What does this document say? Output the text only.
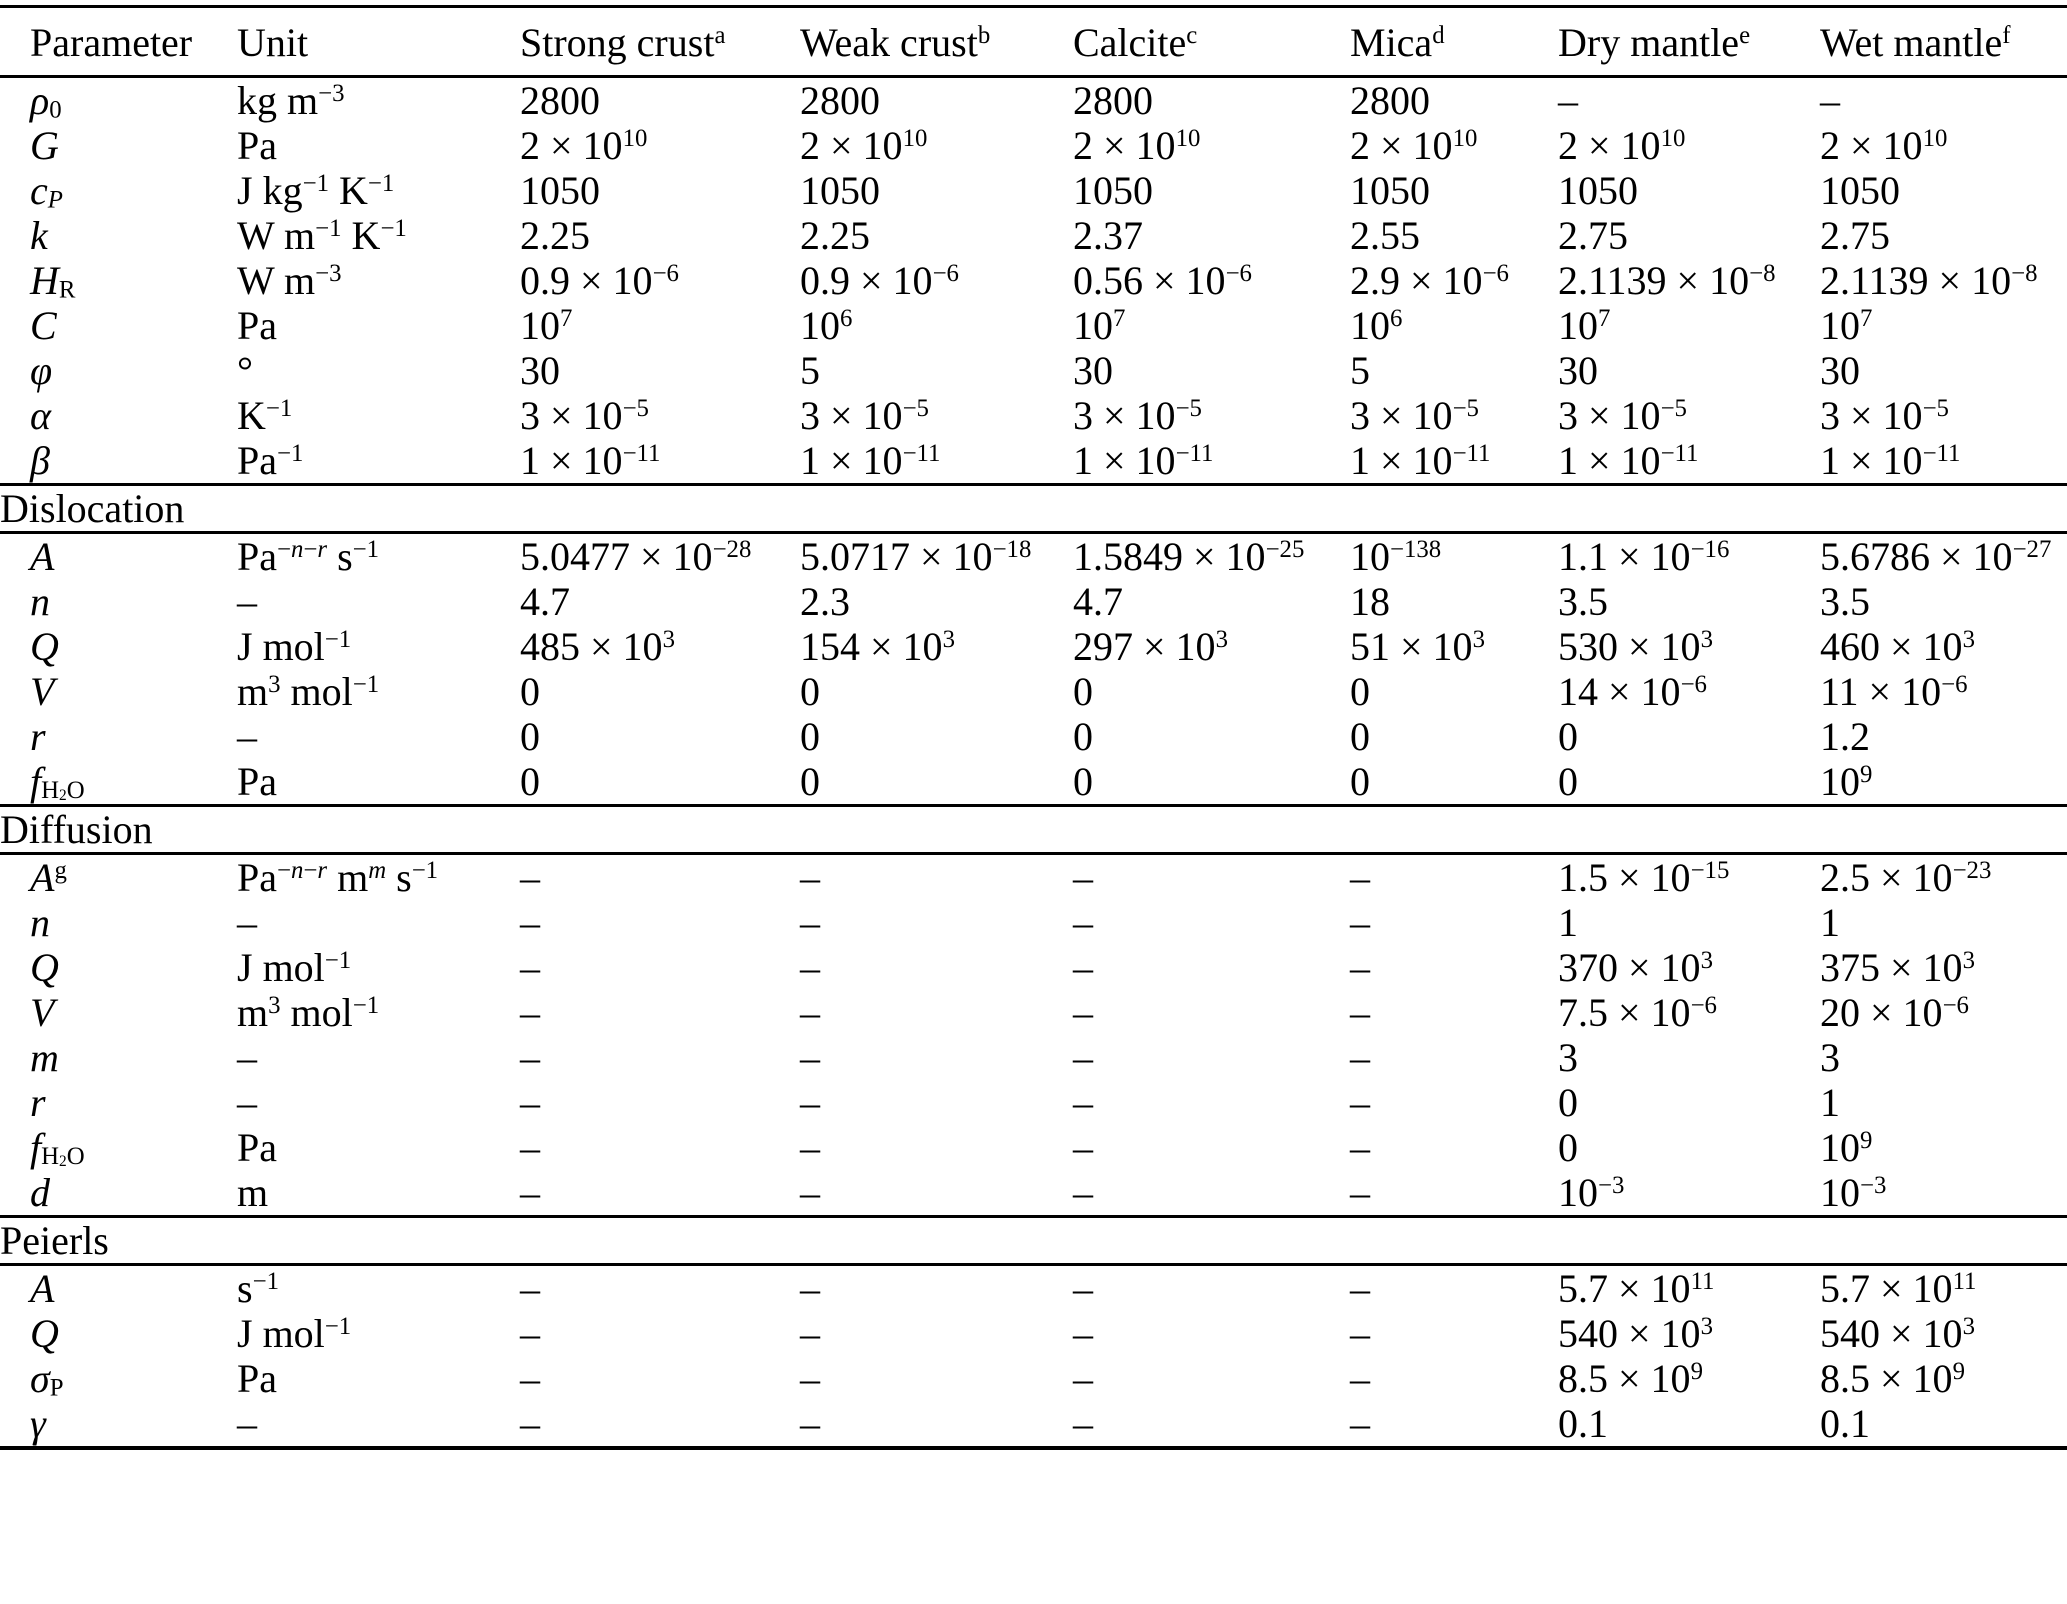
Parameter	Unit	Strong crust$^a$	Weak crust$^b$	Calcite$^c$	Mica$^d$	Dry mantle$^e$	Wet mantle$^f$
$\rho_0$	kg $m^{-3}$	2800	2800	2800	2800	–	–
G	Pa	$2 \times 10^{10}$	$2 \times 10^{10}$	$2 \times 10^{10}$	$2 \times 10^{10}$	$2 \times 10^{10}$	$2 \times 10^{10}$
$c_P$	J $kg^{-1}$ $K^{-1}$	1050	1050	1050	1050	1050	1050
k	W $m^{-1}$ $K^{-1}$	2.25	2.25	2.37	2.55	2.75	2.75
$H_R$	W $m^{-3}$	$0.9 \times 10^{-6}$	$0.9 \times 10^{-6}$	$0.56 \times 10^{-6}$	$2.9 \times 10^{-6}$	$2.1139 \times 10^{-8}$	$2.1139 \times 10^{-8}$
C	Pa	$10^7$	$10^6$	$10^7$	$10^6$	$10^7$	$10^7$
φ	°	30	5	30	5	30	30
α	$K^{-1}$	$3 \times 10^{-5}$	$3 \times 10^{-5}$	$3 \times 10^{-5}$	$3 \times 10^{-5}$	$3 \times 10^{-5}$	$3 \times 10^{-5}$
β	$Pa^{-1}$	$1 \times 10^{-11}$	$1 \times 10^{-11}$	$1 \times 10^{-11}$	$1 \times 10^{-11}$	$1 \times 10^{-11}$	$1 \times 10^{-11}$
Dislocation							
A	$Pa^{-n-r}$ $s^{-1}$	$5.0477 \times 10^{-28}$	$5.0717 \times 10^{-18}$	$1.5849 \times 10^{-25}$	$10^{-138}$	$1.1 \times 10^{-16}$	$5.6786 \times 10^{-27}$
n	–	4.7	2.3	4.7	18	3.5	3.5
Q	J mol$^{-1}$	$485 \times 10^3$	$154 \times 10^3$	$297 \times 10^3$	$51 \times 10^3$	$530 \times 10^3$	$460 \times 10^3$
V	$m^3$ mol$^{-1}$	0	0	0	0	$14 \times 10^{-6}$	$11 \times 10^{-6}$
r	–	0	0	0	0	0	1.2
$f_{H_2O}$	Pa	0	0	0	0	0	$10^9$
Diffusion							
$A^g$	$Pa^{-n-r}$ $m^m$ $s^{-1}$	–	–	–	–	$1.5 \times 10^{-15}$	$2.5 \times 10^{-23}$
n	–	–	–	–	–	1	1
Q	J mol$^{-1}$	–	–	–	–	$370 \times 10^3$	$375 \times 10^3$
V	$m^3$ mol$^{-1}$	–	–	–	–	$7.5 \times 10^{-6}$	$20 \times 10^{-6}$
m	–	–	–	–	–	3	3
r	–	–	–	–	–	0	1
$f_{H_2O}$	Pa	–	–	–	–	0	$10^9$
d	m	–	–	–	–	$10^{-3}$	$10^{-3}$
Peierls							
A	$s^{-1}$	–	–	–	–	$5.7 \times 10^{11}$	$5.7 \times 10^{11}$
Q	J mol$^{-1}$	–	–	–	–	$540 \times 10^3$	$540 \times 10^3$
$\sigma_P$	Pa	–	–	–	–	$8.5 \times 10^9$	$8.5 \times 10^9$
γ	–	–	–	–	–	0.1	0.1
